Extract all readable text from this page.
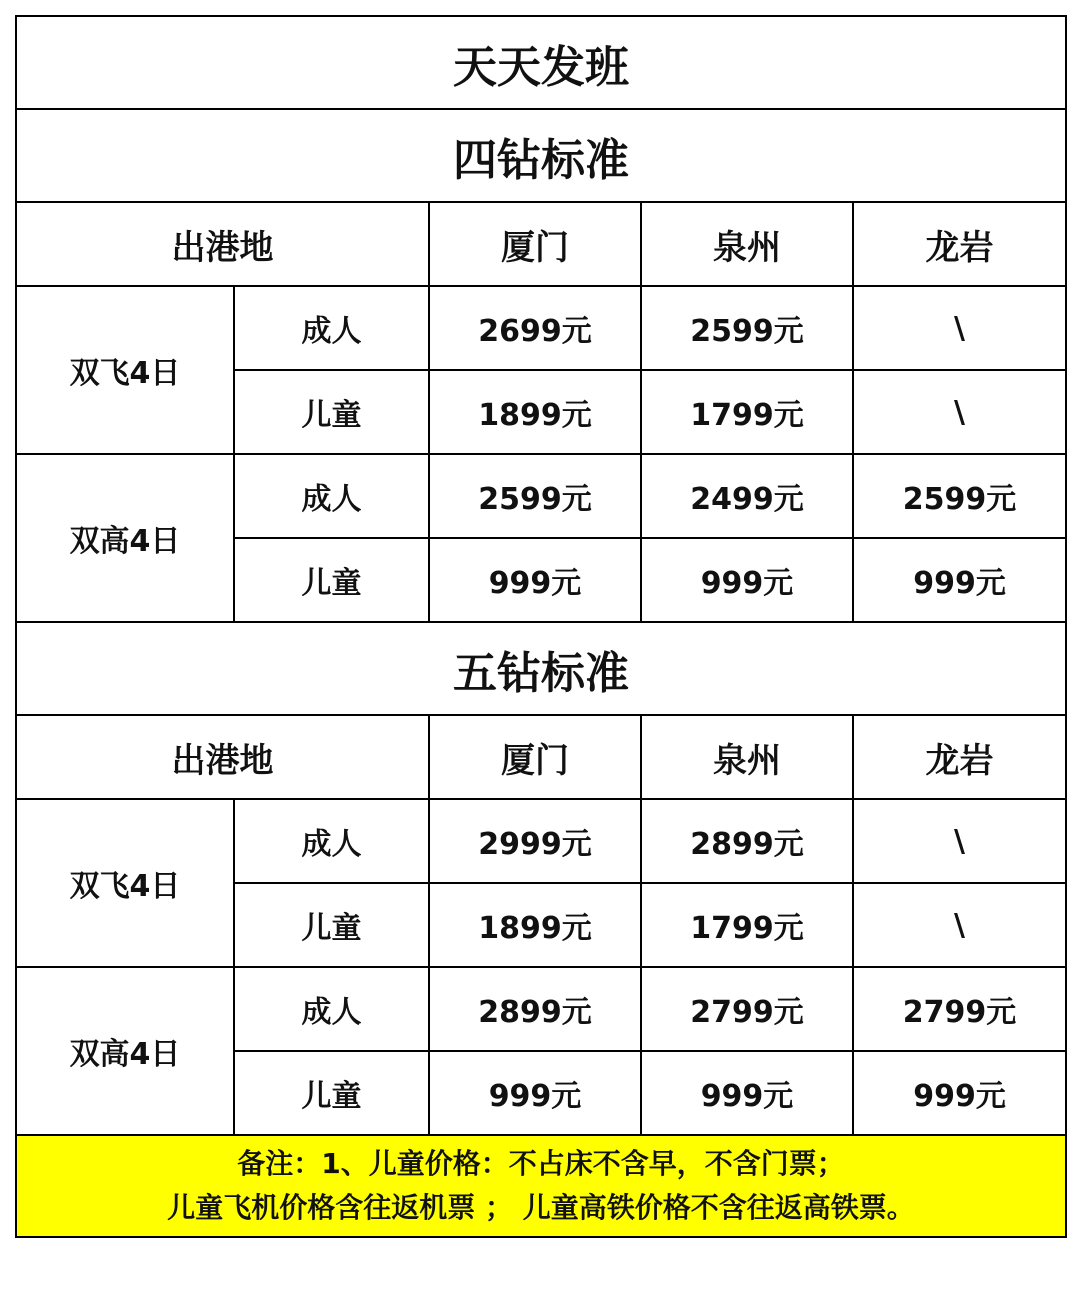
天天发班				
四钻标准				
出港地		厦门	泉州	龙岩
双飞4日	成人	2699元	2599元	\
	儿童	1899元	1799元	\
双高4日	成人	2599元	2499元	2599元
	儿童	999元	999元	999元
五钻标准				
出港地		厦门	泉州	龙岩
双飞4日	成人	2999元	2899元	\
	儿童	1899元	1799元	\
双高4日	成人	2899元	2799元	2799元
	儿童	999元	999元	999元

备注：1、儿童价格：不占床不含早，不含门票；
儿童飞机价格含往返机票 ； 儿童高铁价格不含往返高铁票。				
